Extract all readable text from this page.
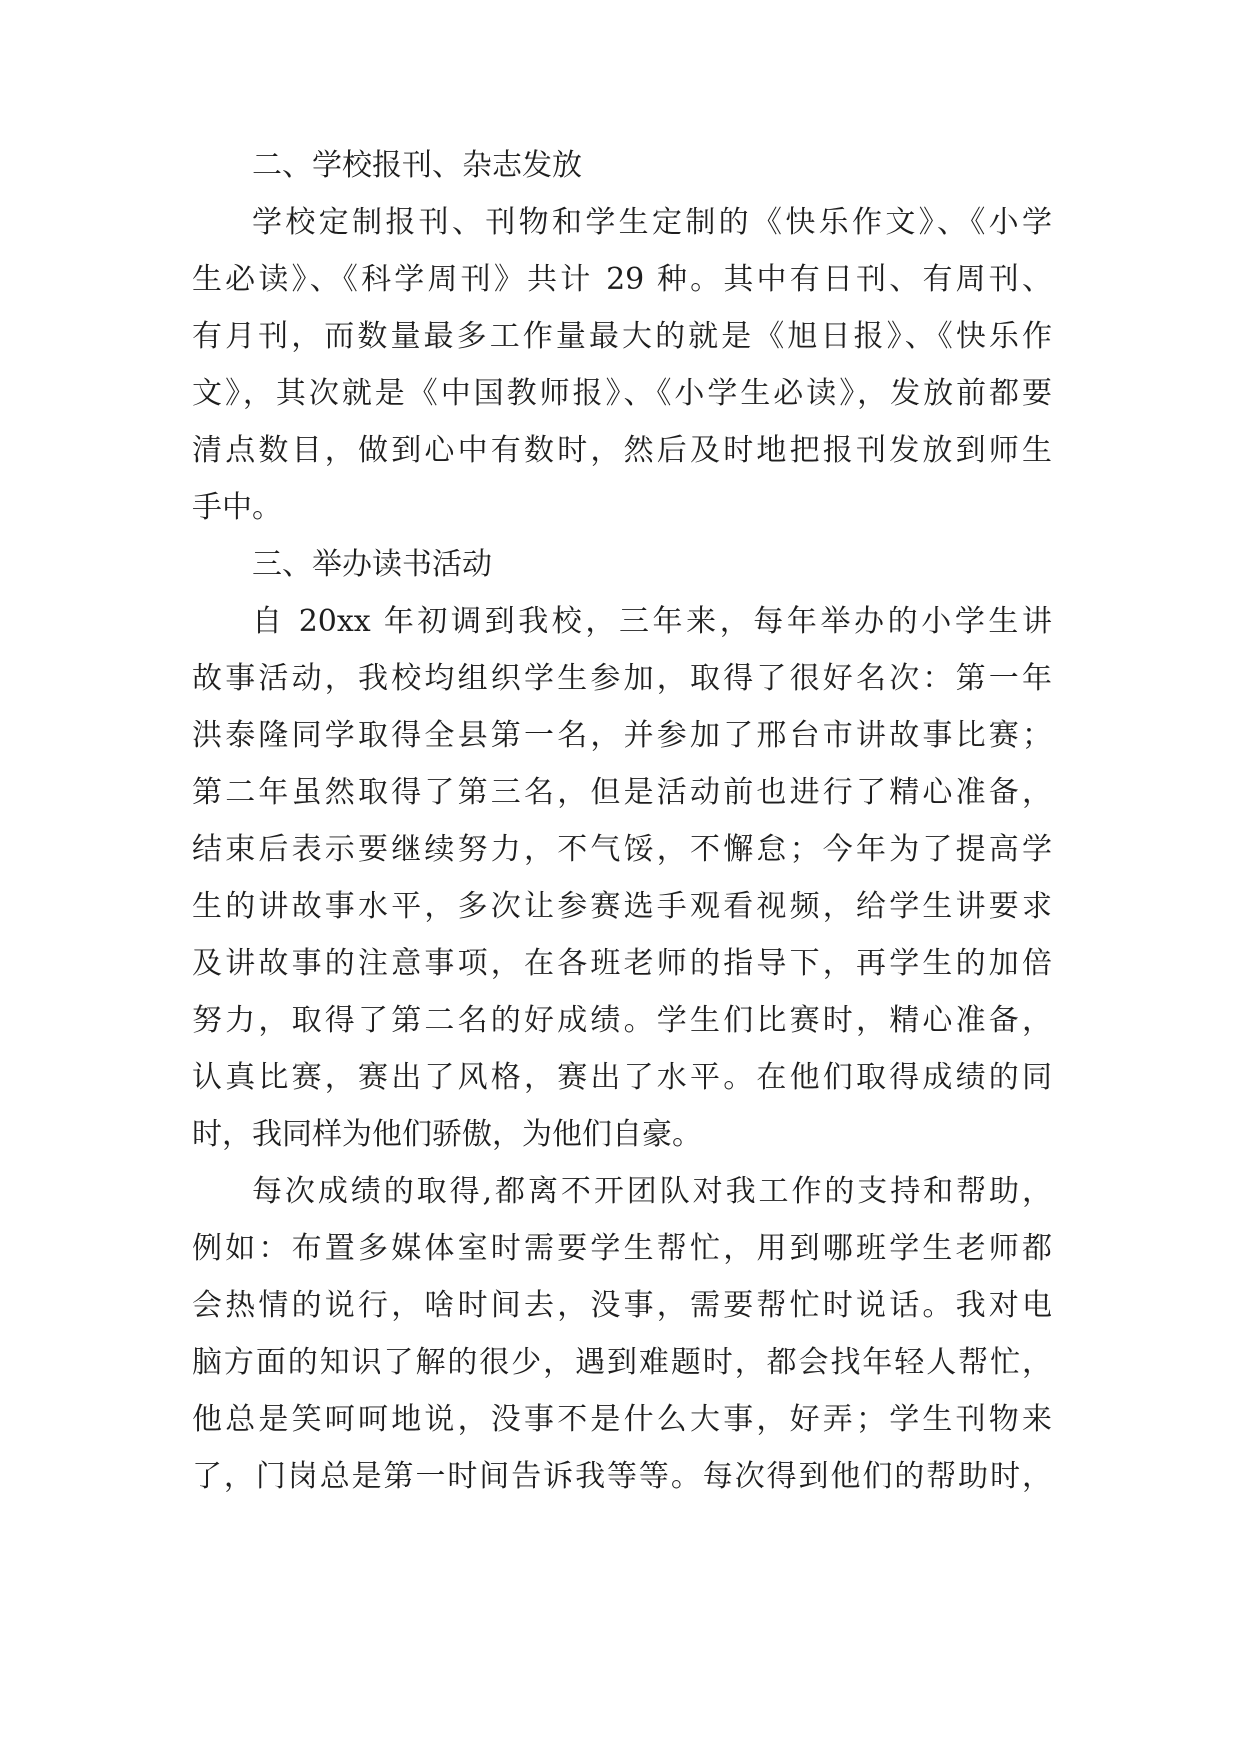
二、学校报刊、杂志发放
学校定制报刊、刊物和学生定制的《快乐作文》、《小学
生必读》、《科学周刊》共计 29 种。其中有日刊、有周刊、
有月刊，而数量最多工作量最大的就是《旭日报》、《快乐作
文》，其次就是《中国教师报》、《小学生必读》，发放前都要
清点数目，做到心中有数时，然后及时地把报刊发放到师生
手中。
三、举办读书活动
自 20xx 年初调到我校，三年来，每年举办的小学生讲
故事活动，我校均组织学生参加，取得了很好名次：第一年
洪泰隆同学取得全县第一名，并参加了邢台市讲故事比赛；
第二年虽然取得了第三名，但是活动前也进行了精心准备，
结束后表示要继续努力，不气馁，不懈怠；今年为了提高学
生的讲故事水平，多次让参赛选手观看视频，给学生讲要求
及讲故事的注意事项，在各班老师的指导下，再学生的加倍
努力，取得了第二名的好成绩。学生们比赛时，精心准备，
认真比赛，赛出了风格，赛出了水平。在他们取得成绩的同
时，我同样为他们骄傲，为他们自豪。
每次成绩的取得,都离不开团队对我工作的支持和帮助，
例如：布置多媒体室时需要学生帮忙，用到哪班学生老师都
会热情的说行，啥时间去，没事，需要帮忙时说话。我对电
脑方面的知识了解的很少，遇到难题时，都会找年轻人帮忙，
他总是笑呵呵地说，没事不是什么大事，好弄；学生刊物来
了，门岗总是第一时间告诉我等等。每次得到他们的帮助时，
